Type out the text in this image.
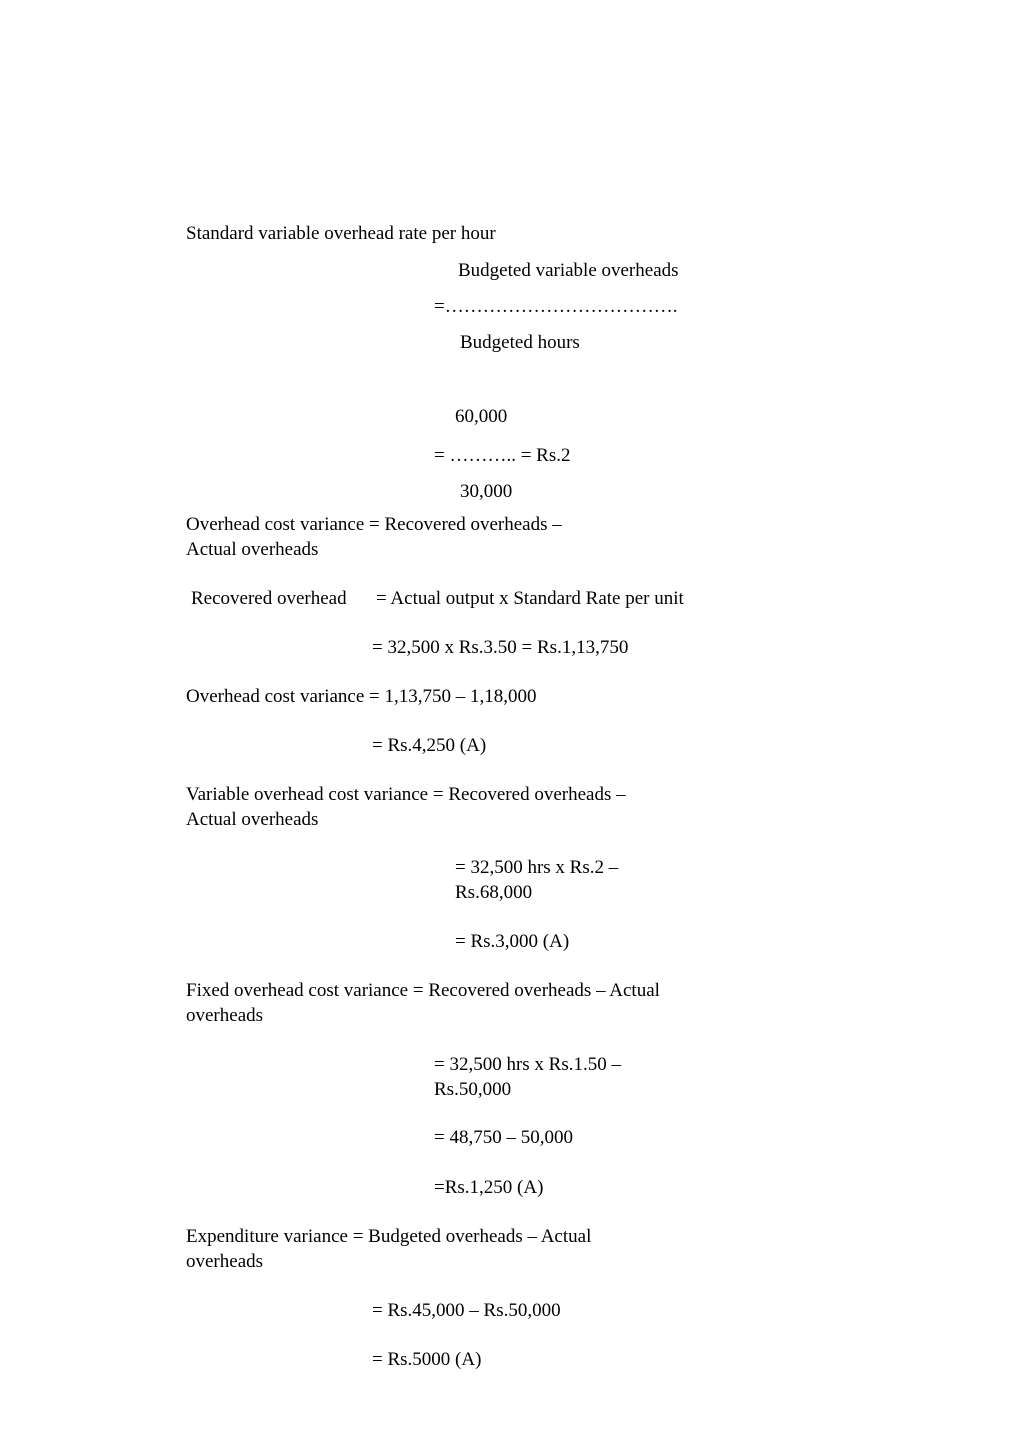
Standard variable overhead rate per hour
Budgeted variable overheads
=……………………………….
Budgeted hours
60,000
= ……….. = Rs.2
30,000
Overhead cost variance = Recovered overheads – Actual overheads
Recovered overhead = Actual output x Standard Rate per unit
= 32,500 x Rs.3.50 = Rs.1,13,750
Overhead cost variance = 1,13,750 – 1,18,000
= Rs.4,250 (A)
Variable overhead cost variance = Recovered overheads – Actual overheads
= 32,500 hrs x Rs.2 – Rs.68,000
= Rs.3,000 (A)
Fixed overhead cost variance = Recovered overheads – Actual overheads
= 32,500 hrs x Rs.1.50 – Rs.50,000
= 48,750 – 50,000
=Rs.1,250 (A)
Expenditure variance = Budgeted overheads – Actual overheads
= Rs.45,000 – Rs.50,000
= Rs.5000 (A)
